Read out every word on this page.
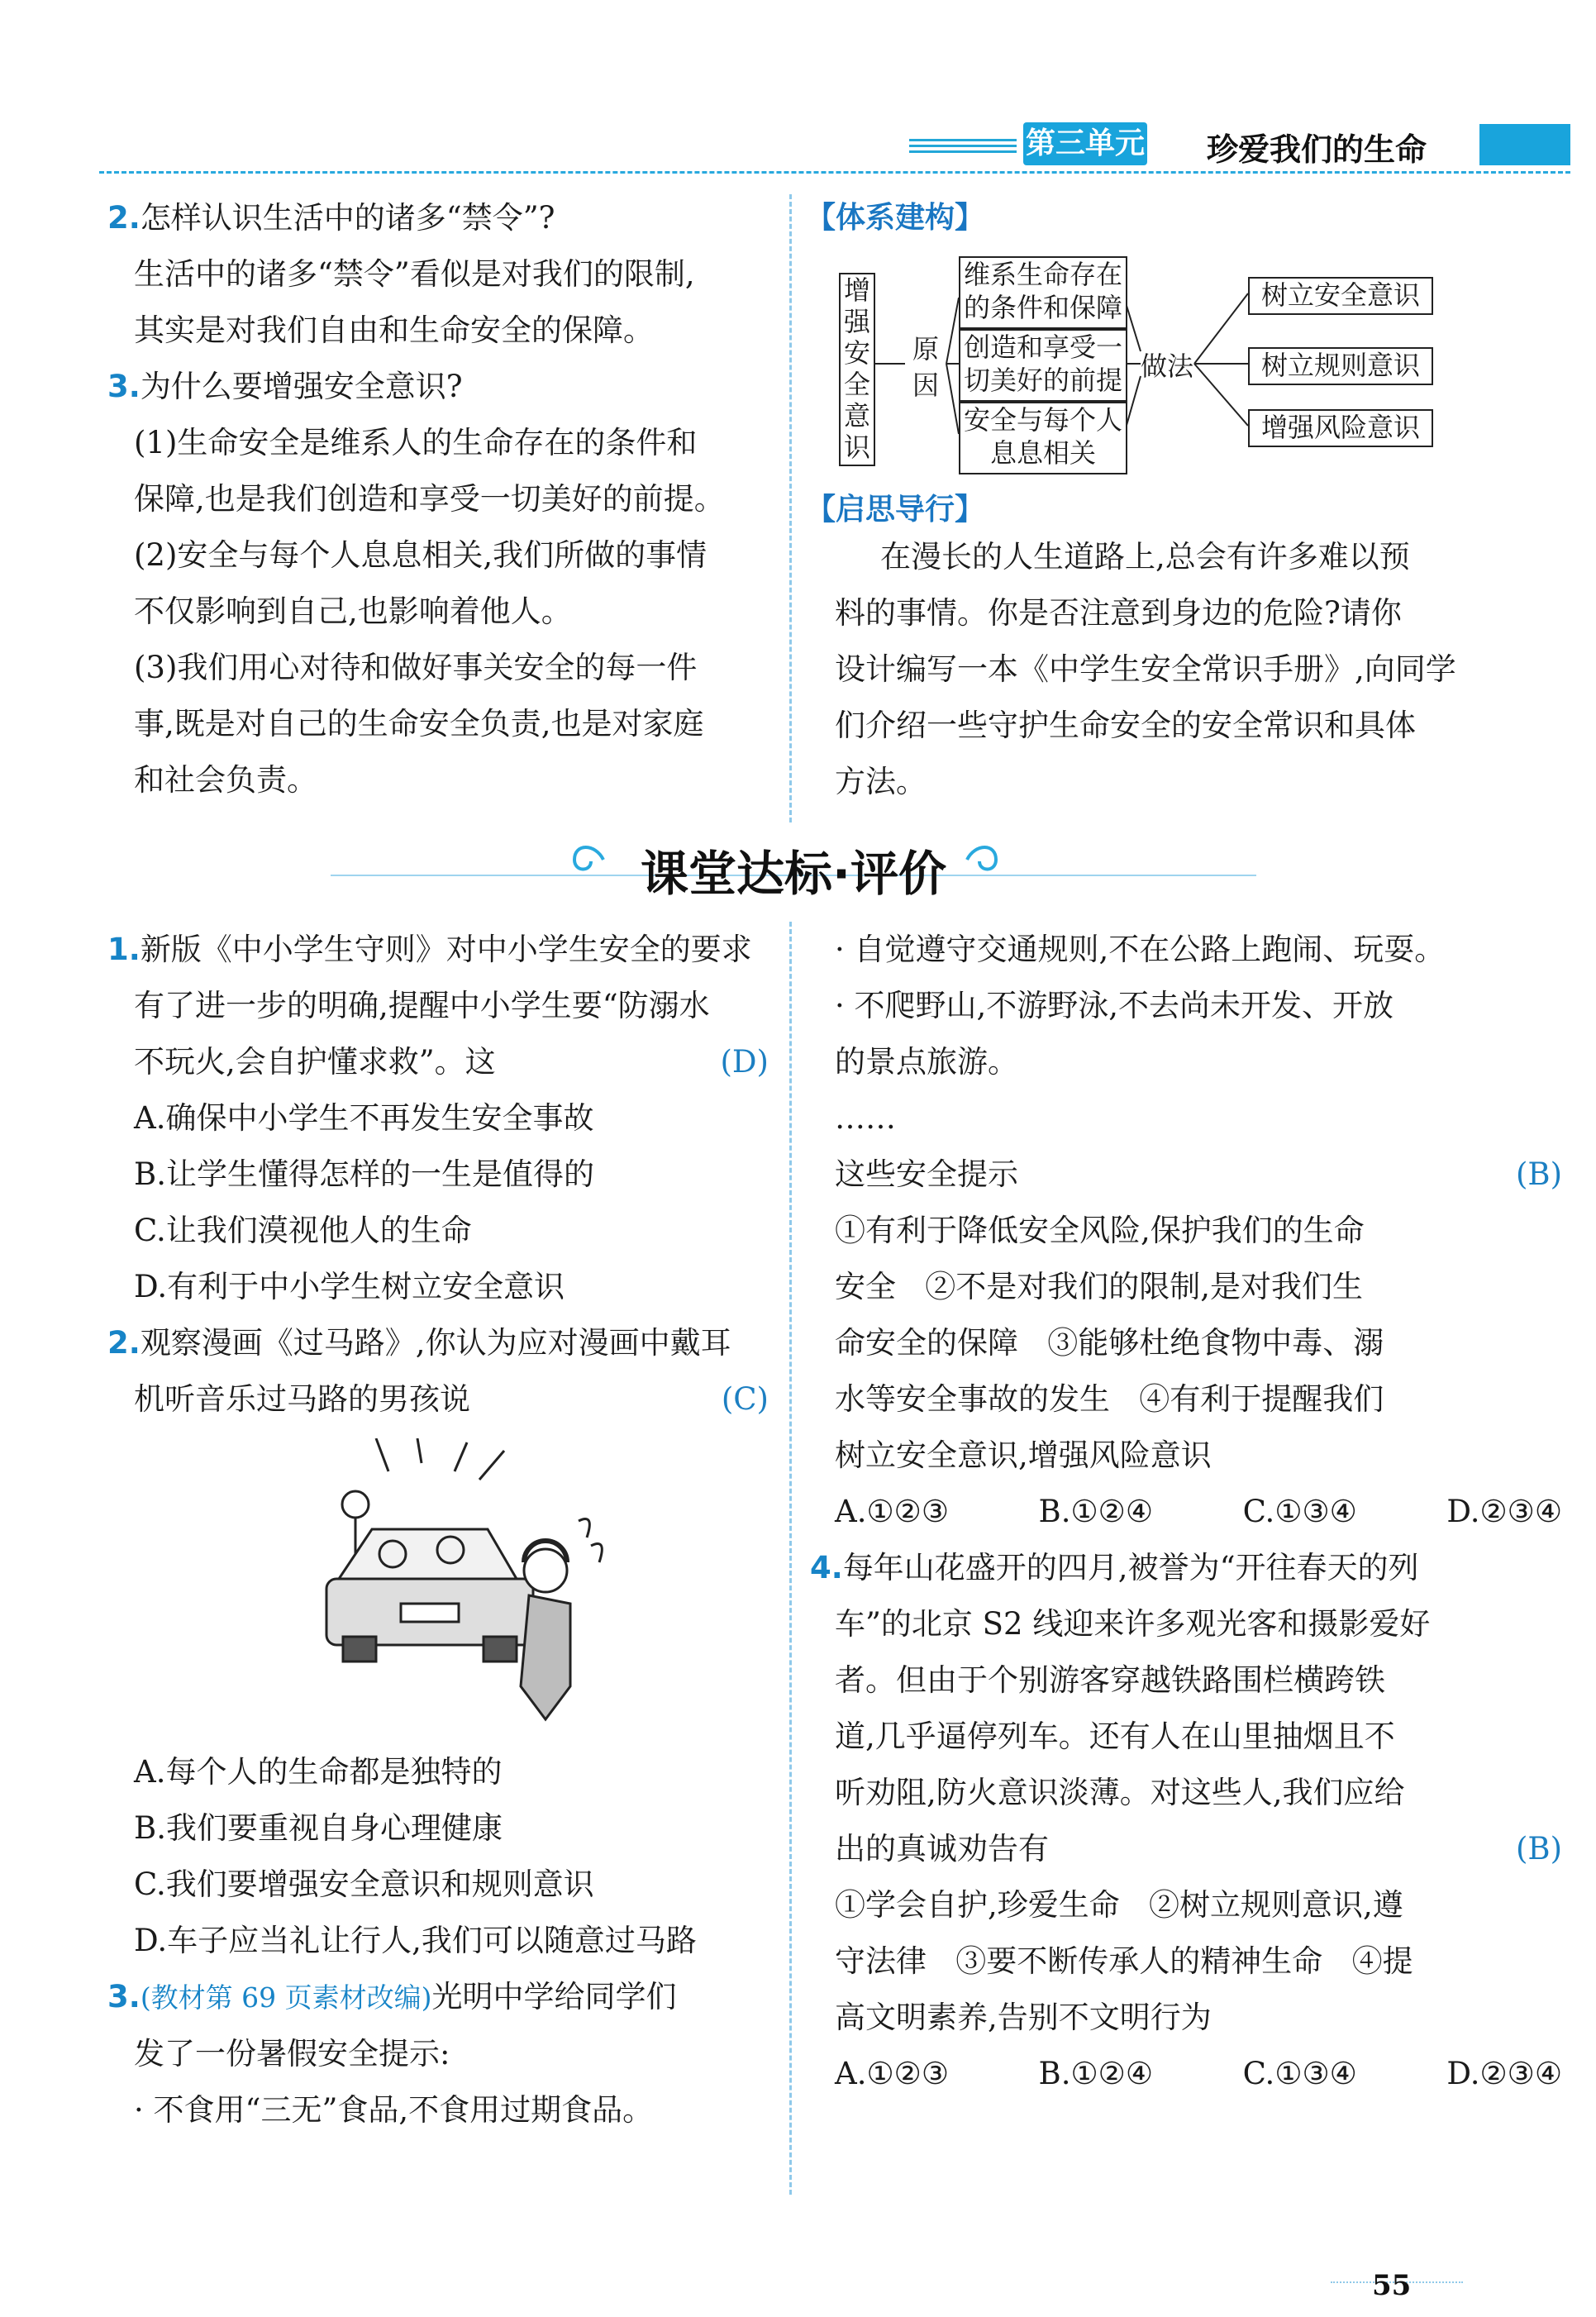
第三单元 珍爱我们的生命

2.怎样认识生活中的诸多“禁令”?

生活中的诸多“禁令”看似是对我们的限制,

其实是对我们自由和生命安全的保障。

3.为什么要增强安全意识?

(1)生命安全是维系人的生命存在的条件和

保障,也是我们创造和享受一切美好的前提。

(2)安全与每个人息息相关,我们所做的事情

不仅影响到自己,也影响着他人。

(3)我们用心对待和做好事关安全的每一件

事,既是对自己的生命安全负责,也是对家庭

和社会负责。

【体系建构】
增强安全意识
原因
维系生命存在的条件和保障
创造和享受一切美好的前提
安全与每个人息息相关
做法
树立安全意识
树立规则意识
增强风险意识
【启思导行】

在漫长的人生道路上,总会有许多难以预

料的事情。你是否注意到身边的危险?请你

设计编写一本《中学生安全常识手册》,向同学

们介绍一些守护生命安全的安全常识和具体

方法。

课堂达标·评价

1.新版《中小学生守则》对中小学生安全的要求

有了进一步的明确,提醒中小学生要“防溺水

不玩火,会自护懂求救”。这	(D)

A.确保中小学生不再发生安全事故

B.让学生懂得怎样的一生是值得的

C.让我们漠视他人的生命

D.有利于中小学生树立安全意识

2.观察漫画《过马路》,你认为应对漫画中戴耳

机听音乐过马路的男孩说	(C)

A.每个人的生命都是独特的

B.我们要重视自身心理健康

C.我们要增强安全意识和规则意识

D.车子应当礼让行人,我们可以随意过马路

3.(教材第 69 页素材改编)光明中学给同学们

发了一份暑假安全提示:

· 不食用“三无”食品,不食用过期食品。

· 自觉遵守交通规则,不在公路上跑闹、玩耍。

· 不爬野山,不游野泳,不去尚未开发、开放

的景点旅游。

……

这些安全提示	(B)

①有利于降低安全风险,保护我们的生命

安全   ②不是对我们的限制,是对我们生

命安全的保障   ③能够杜绝食物中毒、溺

水等安全事故的发生   ④有利于提醒我们

树立安全意识,增强风险意识

A.①②③	B.①②④	C.①③④	D.②③④

4.每年山花盛开的四月,被誉为“开往春天的列

车”的北京 S2 线迎来许多观光客和摄影爱好

者。但由于个别游客穿越铁路围栏横跨铁

道,几乎逼停列车。还有人在山里抽烟且不

听劝阻,防火意识淡薄。对这些人,我们应给

出的真诚劝告有	(B)

①学会自护,珍爱生命   ②树立规则意识,遵

守法律   ③要不断传承人的精神生命   ④提

高文明素养,告别不文明行为

A.①②③	B.①②④	C.①③④	D.②③④

55
